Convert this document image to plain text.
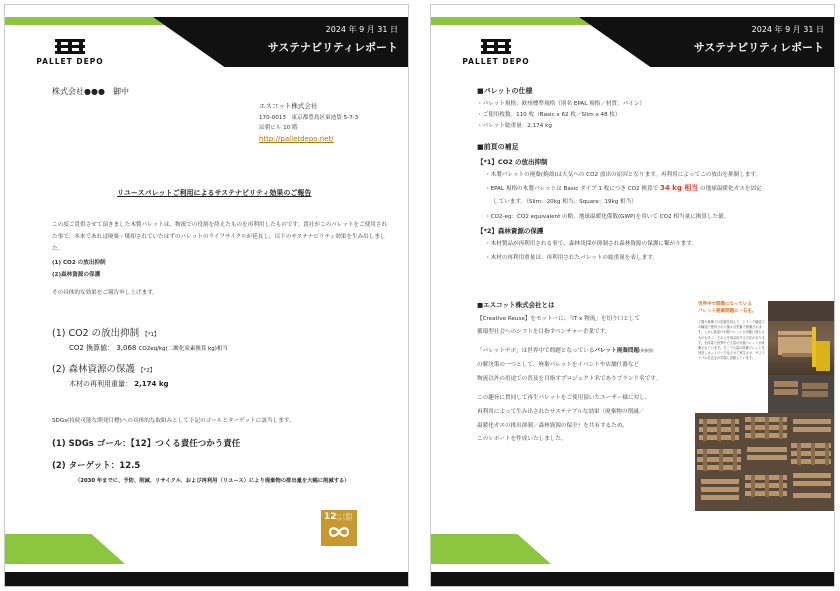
2024 年 9 月 31 日
サステナビリティレポート
PALLET DEPO
株式会社●●●　御中
エスコット株式会社
170-0013　東京都豊島区東池袋 5-7-3
辰朝ビル 10 階
http://palletdepo.net/
リユースパレットご利用によるサステナビリティ効果のご報告
この度ご貴供させて頂きました木製パレットは、物流での役割を終えたものを再利用したものです。貴社がこのパレットをご使用され
た事で、本来であれば廃棄・焼却されていたはずのパレットのライフサイクルが延長し、以下のサステナビリティ効果を生み出しまし
た。
(1) CO2 の放出抑制
(2)森林資源の保護
その具体的な効果をご報告申し上げます。
(1) CO2 の放出抑制 【*1】
CO2 換算値： 3,068 CO2eq/kg(二酸化炭素換算 kg)相当
(2) 森林資源の保護 【*2】
木材の再利用重量： 2,174 kg
SDGs(持続可能な開発目標)への具体的な取組みとして下記のゴールとターゲットに該当します。
(1) SDGs ゴール：【12】つくる責任つかう責任
(2) ターゲット：12.5
（2030 年までに、予防、削減、リサイクル、および再利用（リユース）により廃棄物の排出量を大幅に削減する）
12
つくる責任
つかう責任
2024 年 9 月 31 日
サステナビリティレポート
PALLET DEPO
■パレットの仕様
・パレット規格：欧州標準規格（別名 EPAL 規格／材質：パイン）
・ご使用枚数：110 枚（Basic x 62 枚／Slim x 48 枚）
・パレット総重量：2,174 kg
■前頁の補足
【*1】CO2 の放出抑制
・木製パレットの廃棄(焼却)は大気への CO2 放出の原因となります。再利用によってこの放出を抑制します。
・EPAL 規格の木製パレットは Basic タイプ 1 枚につき CO2 換算で 34 kg 相当 の地球温暖化ガスを固定
しています。（Slim：20kg 相当、Square：19kg 相当）
・CO2-eq：CO2 equivalent の略。地球温暖化係数(GWP)を用いて CO2 相当量に換算した値。
【*2】森林資源の保護
・木材製品が再利用される事で、森林伐採が抑制され森林資源の保護に繋がります。
・木材の再利用重量は、再利用されたパレットの総重量を表します。
■エスコット株式会社とは
【Creative Reuse】をモットーに、「IT x 物流」を切り口として
循環型社会へのシフトを目指すベンチャー企業です。
「パレットデポ」は世界中で問題となっているパレット廃棄問題(※参照)
の解決策の一つとして、廃棄パレットをイベントや店舗什器など
物流以外の用途での普及を目指すプロジェクト名でありブランド名です。
この趣旨に賛同して再生パレットをご使用頂いたユーザー様に対し、
再利用によって生み出されたサステナブルな効果（廃棄物の削減／
温暖化ガスの排出抑制／森林資源の保全）を共有するため、
このレポートを作成いたしました。
世界中で問題になっている
パレット廃棄問題に一石を。
工場や倉庫での役割を終えて、トラック輸送での輸送で使用された様々な型番で廃棄されます。しかし新品の木製パレットと同様に使えるものも多く、それらを再活用する方法があります。全体量で世界中で大量の木製パレットが廃棄されています。そこで大量の廃棄パレットを回収しネットワーク化させて再生させ、サステナブルな社会の実現に貢献しています。
